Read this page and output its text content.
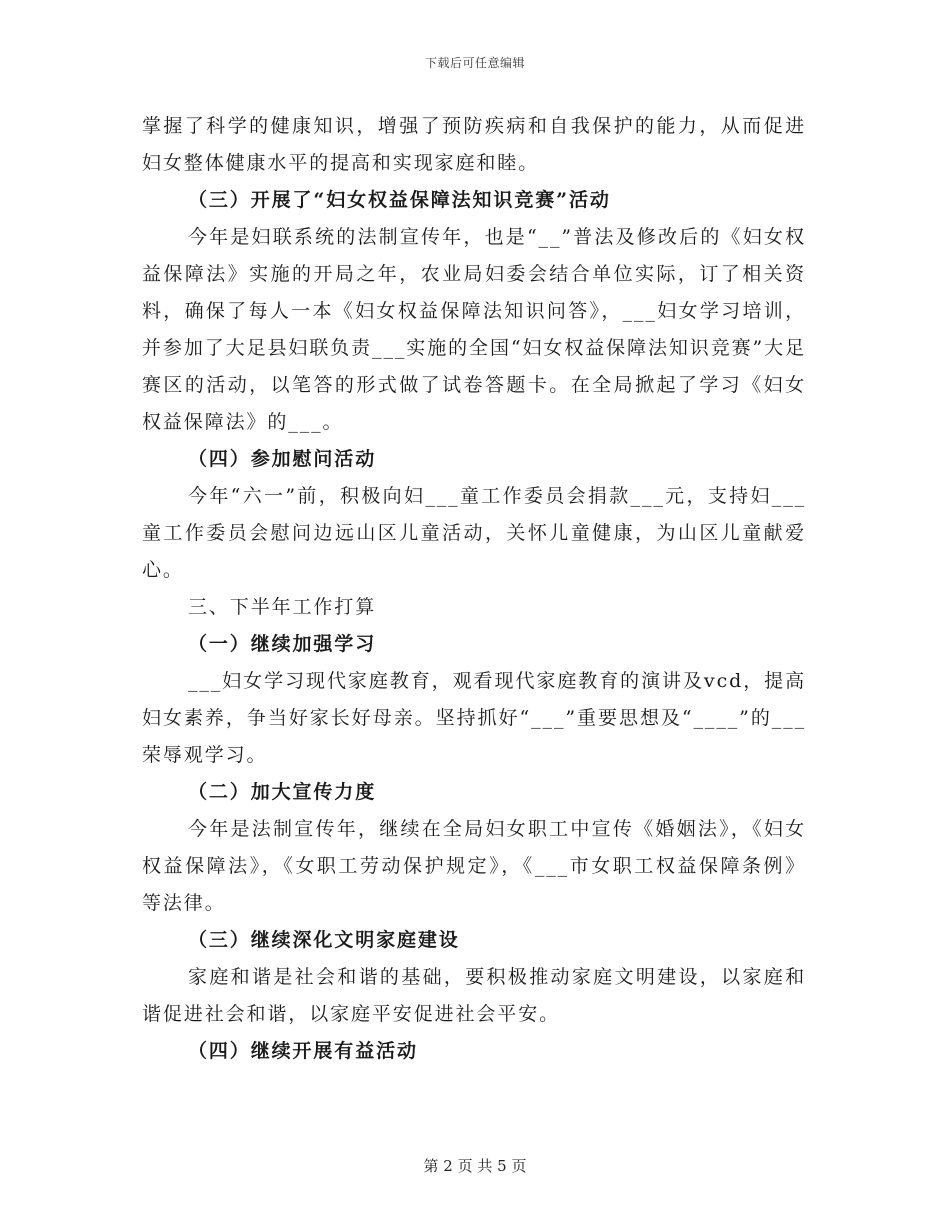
下载后可任意编辑

掌握了科学的健康知识，增强了预防疾病和自我保护的能力，从而促进妇女整体健康水平的提高和实现家庭和睦。

（三）开展了“妇女权益保障法知识竞赛”活动

今年是妇联系统的法制宣传年，也是“__”普法及修改后的《妇女权益保障法》实施的开局之年，农业局妇委会结合单位实际，订了相关资料，确保了每人一本《妇女权益保障法知识问答》，___妇女学习培训，并参加了大足县妇联负责___实施的全国“妇女权益保障法知识竞赛”大足赛区的活动，以笔答的形式做了试卷答题卡。在全局掀起了学习《妇女权益保障法》的___。

（四）参加慰问活动

今年“六一”前，积极向妇___童工作委员会捐款___元，支持妇___童工作委员会慰问边远山区儿童活动，关怀儿童健康，为山区儿童献爱心。

三、下半年工作打算

（一）继续加强学习

___妇女学习现代家庭教育，观看现代家庭教育的演讲及vcd，提高妇女素养，争当好家长好母亲。坚持抓好“___”重要思想及“____”的___荣辱观学习。

（二）加大宣传力度

今年是法制宣传年，继续在全局妇女职工中宣传《婚姻法》，《妇女权益保障法》，《女职工劳动保护规定》，《___市女职工权益保障条例》等法律。

（三）继续深化文明家庭建设

家庭和谐是社会和谐的基础，要积极推动家庭文明建设，以家庭和谐促进社会和谐，以家庭平安促进社会平安。

（四）继续开展有益活动

第 2 页 共 5 页
